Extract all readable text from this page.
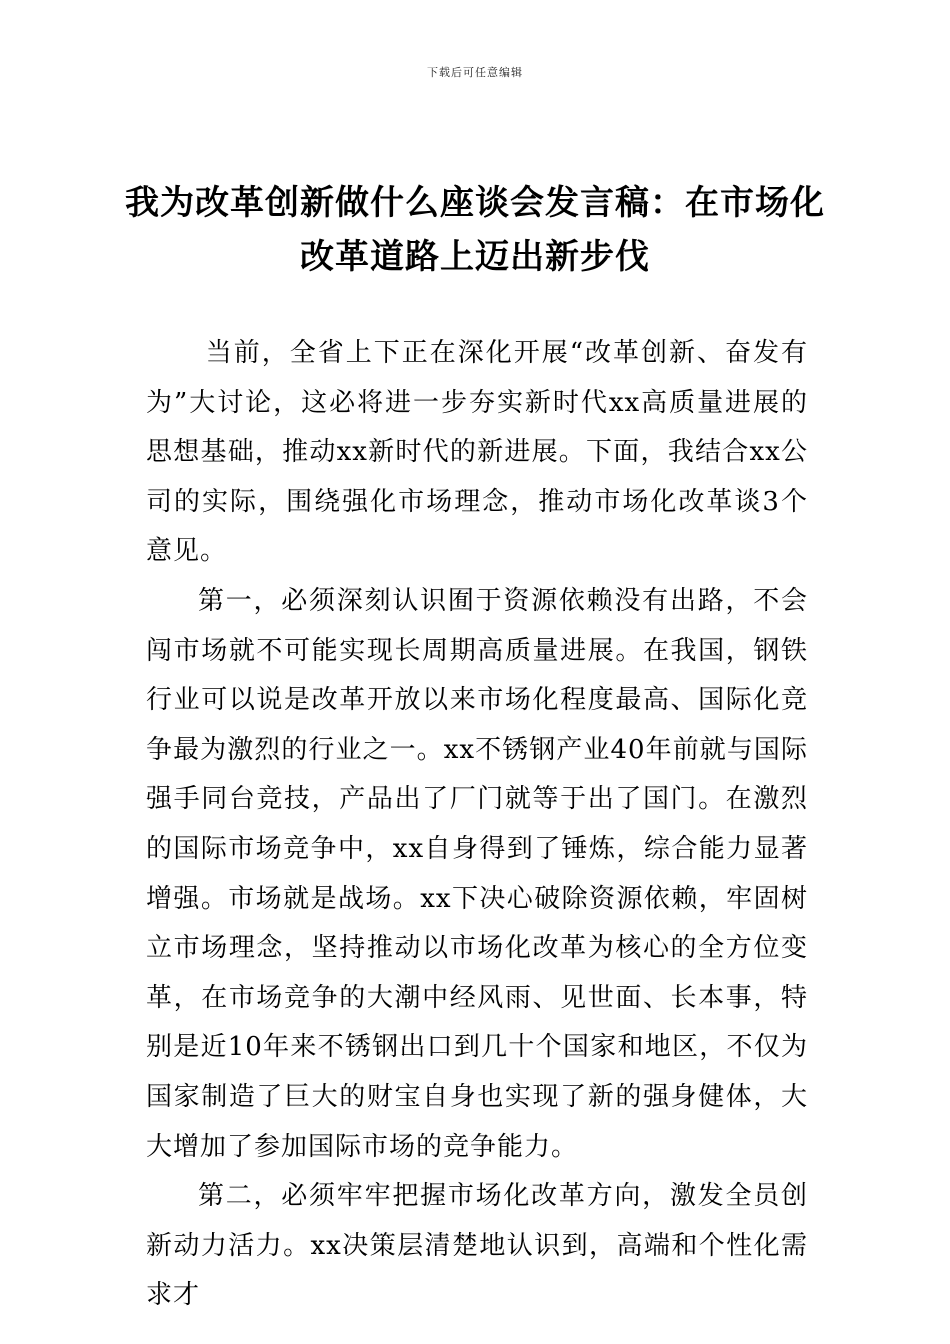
下载后可任意编辑
我为改革创新做什么座谈会发言稿：在市场化改革道路上迈出新步伐

当前，全省上下正在深化开展“改革创新、奋发有为”大讨论，这必将进一步夯实新时代xx高质量进展的思想基础，推动xx新时代的新进展。下面，我结合xx公司的实际，围绕强化市场理念，推动市场化改革谈3个意见。

第一，必须深刻认识囿于资源依赖没有出路，不会闯市场就不可能实现长周期高质量进展。在我国，钢铁行业可以说是改革开放以来市场化程度最高、国际化竞争最为激烈的行业之一。xx不锈钢产业40年前就与国际强手同台竞技，产品出了厂门就等于出了国门。在激烈的国际市场竞争中，xx自身得到了锤炼，综合能力显著增强。市场就是战场。xx下决心破除资源依赖，牢固树立市场理念，坚持推动以市场化改革为核心的全方位变革，在市场竞争的大潮中经风雨、见世面、长本事，特别是近10年来不锈钢出口到几十个国家和地区，不仅为国家制造了巨大的财宝自身也实现了新的强身健体，大大增加了参加国际市场的竞争能力。

第二，必须牢牢把握市场化改革方向，激发全员创新动力活力。xx决策层清楚地认识到，高端和个性化需求才
